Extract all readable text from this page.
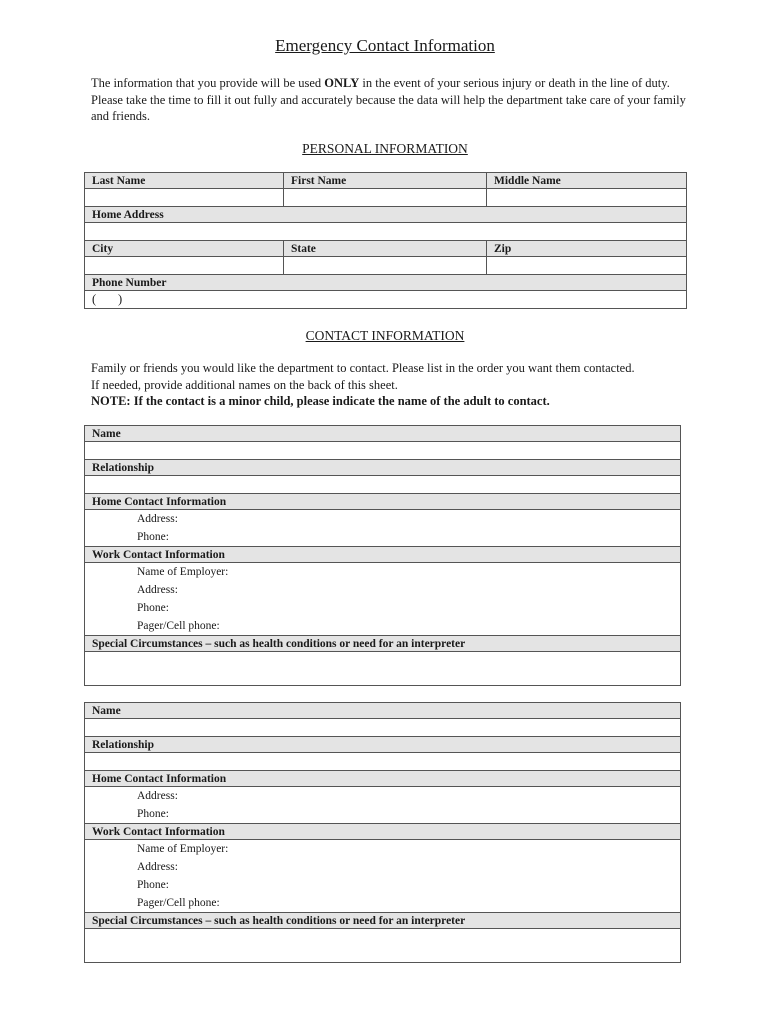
Emergency Contact Information
The information that you provide will be used ONLY in the event of your serious injury or death in the line of duty. Please take the time to fill it out fully and accurately because the data will help the department take care of your family and friends.
PERSONAL INFORMATION
Last Name	First Name	Middle Name

Home Address		

City	State	Zip

Phone Number		
(       )		
CONTACT INFORMATION
Family or friends you would like the department to contact. Please list in the order you want them contacted.
If needed, provide additional names on the back of this sheet.
NOTE: If the contact is a minor child, please indicate the name of the adult to contact.
Name

Relationship

Home Contact Information

Address:
Phone:

Work Contact Information

Name of Employer:
Address:
Phone:
Pager/Cell phone:

Special Circumstances – such as health conditions or need for an interpreter

Name

Relationship

Home Contact Information

Address:
Phone:

Work Contact Information

Name of Employer:
Address:
Phone:
Pager/Cell phone:

Special Circumstances – such as health conditions or need for an interpreter
